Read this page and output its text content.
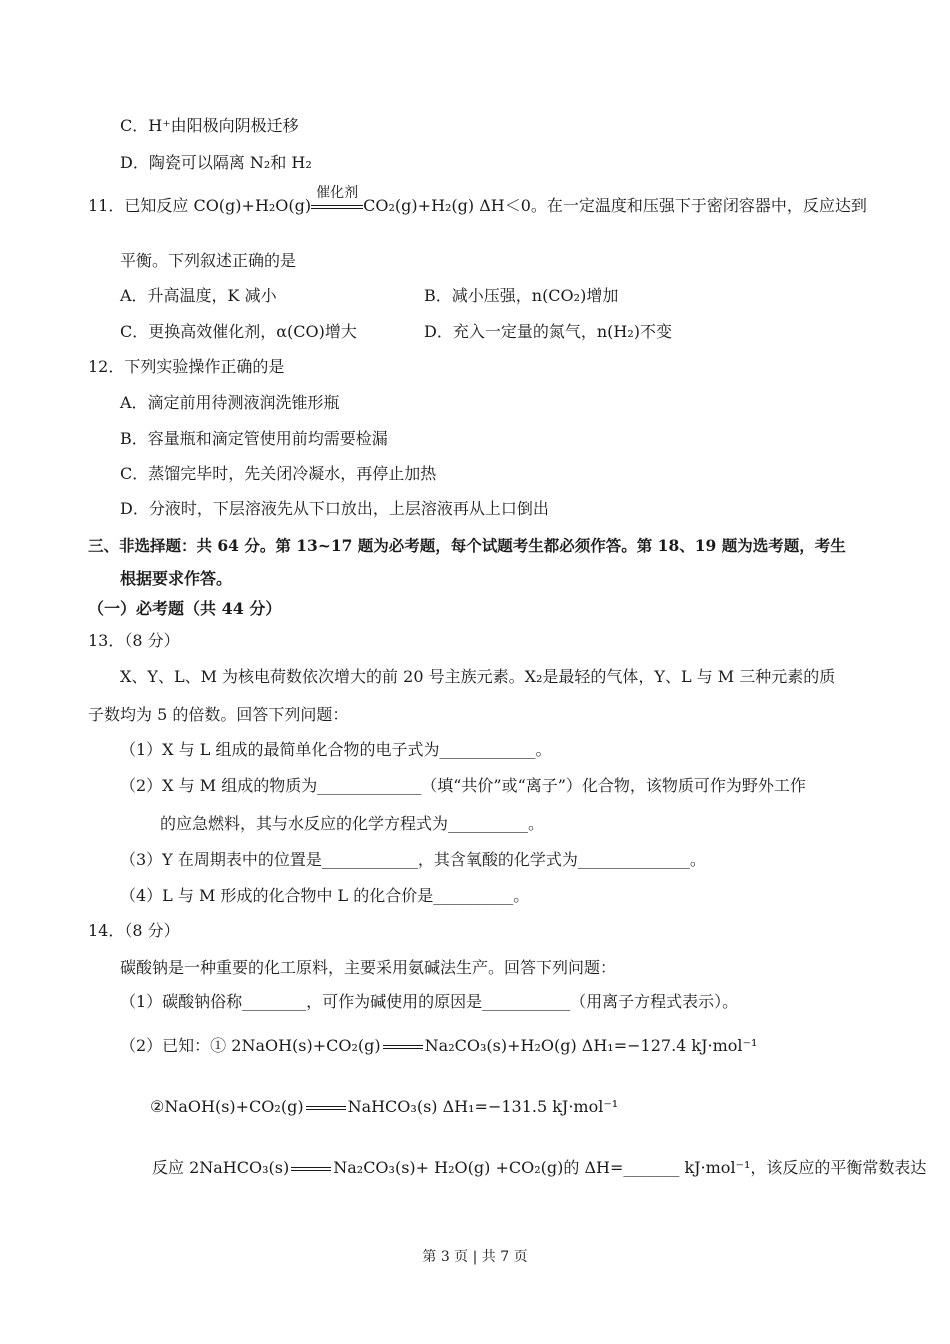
C．H⁺由阳极向阴极迁移
D．陶瓷可以隔离 N₂和 H₂
11．已知反应 CO(g)+H₂O(g)
催化剂
CO₂(g)+H₂(g) ΔH＜0。在一定温度和压强下于密闭容器中，反应达到
平衡。下列叙述正确的是
A．升高温度，K 减小	B．减小压强，n(CO₂)增加
C．更换高效催化剂，α(CO)增大	D．充入一定量的氮气，n(H₂)不变
12．下列实验操作正确的是
A．滴定前用待测液润洗锥形瓶
B．容量瓶和滴定管使用前均需要检漏
C．蒸馏完毕时，先关闭冷凝水，再停止加热
D．分液时，下层溶液先从下口放出，上层溶液再从上口倒出
三、非选择题：共 64 分。第 13~17 题为必考题，每个试题考生都必须作答。第 18、19 题为选考题，考生
根据要求作答。
（一）必考题（共 44 分）
13．（8 分）
X、Y、L、M 为核电荷数依次增大的前 20 号主族元素。X₂是最轻的气体，Y、L 与 M 三种元素的质
子数均为 5 的倍数。回答下列问题：
（1）X 与 L 组成的最简单化合物的电子式为____________。
（2）X 与 M 组成的物质为_____________（填“共价”或“离子”）化合物，该物质可作为野外工作
的应急燃料，其与水反应的化学方程式为__________。
（3）Y 在周期表中的位置是____________，其含氧酸的化学式为______________。
（4）L 与 M 形成的化合物中 L 的化合价是__________。
14．（8 分）
碳酸钠是一种重要的化工原料，主要采用氨碱法生产。回答下列问题：
（1）碳酸钠俗称________，可作为碱使用的原因是___________（用离子方程式表示）。
（2）已知：① 2NaOH(s)+CO₂(g)	Na₂CO₃(s)+H₂O(g) ΔH₁=−127.4 kJ·mol⁻¹
②NaOH(s)+CO₂(g)	NaHCO₃(s) ΔH₁=−131.5 kJ·mol⁻¹
反应 2NaHCO₃(s)	Na₂CO₃(s)+ H₂O(g) +CO₂(g)的 ΔH=_______ kJ·mol⁻¹，该反应的平衡常数表达
第 3 页 | 共 7 页
